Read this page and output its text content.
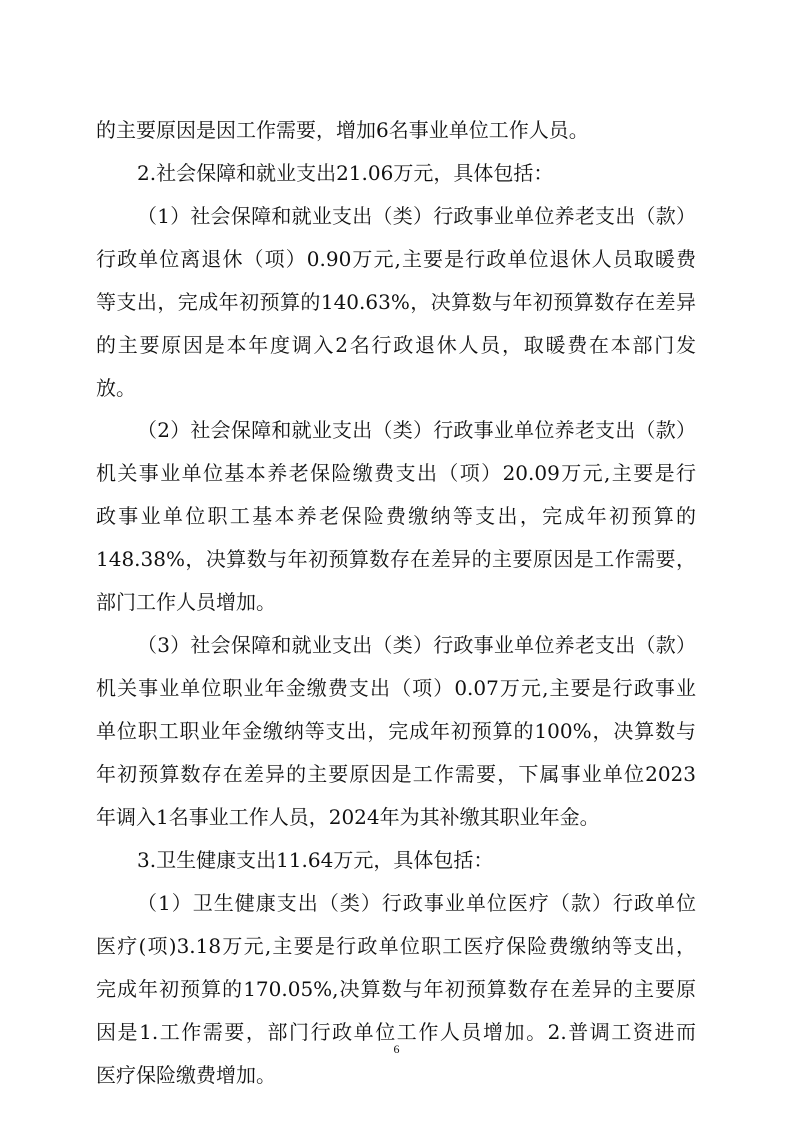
的主要原因是因工作需要，增加6名事业单位工作人员。
2.社会保障和就业支出21.06万元，具体包括：
（1）社会保障和就业支出（类）行政事业单位养老支出（款）
行政单位离退休（项）0.90万元,主要是行政单位退休人员取暖费
等支出，完成年初预算的140.63%，决算数与年初预算数存在差异
的主要原因是本年度调入2名行政退休人员，取暖费在本部门发
放。
（2）社会保障和就业支出（类）行政事业单位养老支出（款）
机关事业单位基本养老保险缴费支出（项）20.09万元,主要是行
政事业单位职工基本养老保险费缴纳等支出，完成年初预算的
148.38%，决算数与年初预算数存在差异的主要原因是工作需要，
部门工作人员增加。
（3）社会保障和就业支出（类）行政事业单位养老支出（款）
机关事业单位职业年金缴费支出（项）0.07万元,主要是行政事业
单位职工职业年金缴纳等支出，完成年初预算的100%，决算数与
年初预算数存在差异的主要原因是工作需要，下属事业单位2023
年调入1名事业工作人员，2024年为其补缴其职业年金。
3.卫生健康支出11.64万元，具体包括：
（1）卫生健康支出（类）行政事业单位医疗（款）行政单位
医疗(项)3.18万元,主要是行政单位职工医疗保险费缴纳等支出，
完成年初预算的170.05%,决算数与年初预算数存在差异的主要原
因是1.工作需要，部门行政单位工作人员增加。2.普调工资进而
医疗保险缴费增加。
6
